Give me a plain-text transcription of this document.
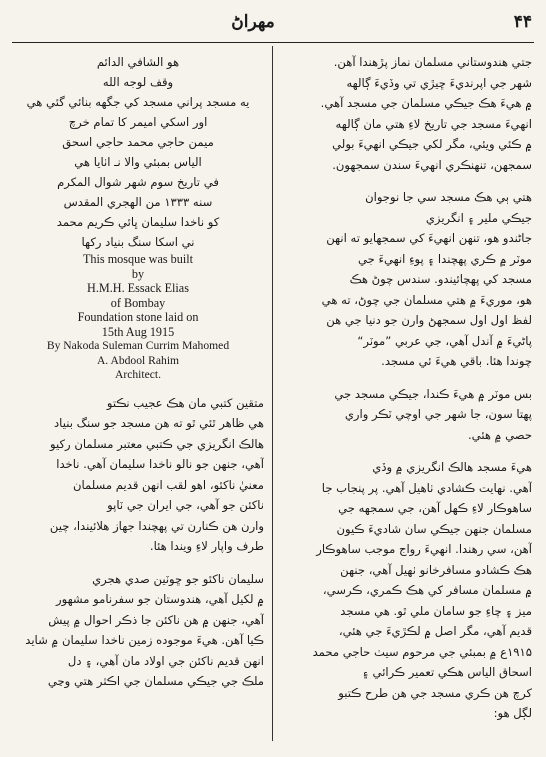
مهراڻ	۴۴

جتي هندوستاني مسلمان نماز پڙهندا آهن.

شهر جي اپرنديءَ ڇيڙي تي وڏيءَ ڳالهه

۾ هيءَ هڪ جيڪي مسلمان جي مسجد آهي.

انهيءَ مسجد جي تاريخ لاءِ هتي مان ڳالهه

۾ ڪئي ويئي، مگر لکي جيڪي انهيءَ بولي

سمجهن، تنهنڪري انهيءَ سندن سمجهون.

هتي ٻي هڪ مسجد سي جا نوجوان

جيڪي ملير ۽ انگريزي

جاڻندو هو، تنهن انهيءَ کي سمجهايو ته انهن

موٽر ۾ ڪري پهچندا ۽ پوءِ انهيءَ جي

مسجد کي پهچائيندو. سندس چوڻ هڪ

هو، موريءَ ۾ هتي مسلمان جي چوڻ، ته هي

لفظ اول اول سمجهڻ وارن جو دنيا جي هن

پاڻيءَ ۾ آندل آهي، جي عربي ”موٽر“

چوندا هئا. باقي هيءَ ئي مسجد.

بس موٽر ۾ هيءَ ڪندا، جيڪي مسجد جي

پهتا سون، جا شهر جي اوچي ٽڪر واري

حصي ۾ هئي.

هيءَ مسجد هالڪ انگريزي ۾ وڏي

آهي. نهايت ڪشادي ٺاهيل آهي. پر پنجاب جا

ساهوڪار لاءِ ڪهل آهن، جي سمجهه جي

مسلمان جنهن جيڪي سان شاديءَ ڪيون

آهن، سي رهندا. انهيءَ رواج موجب ساهوڪار

هڪ ڪشادو مسافرخانو ٺهيل آهي، جنهن

۾ مسلمان مسافر کي هڪ ڪمري، ڪرسي،

ميز ۽ چاءِ جو سامان ملي ٿو. هي مسجد

قديم آهي، مگر اصل ۾ لڪڙيءَ جي هئي،

۱۹۱۵ع ۾ بمبئي جي مرحوم سيٺ حاجي محمد

اسحاق الياس هڪي تعمير ڪرائي ۽

کرچ هن ڪري مسجد جي هن طرح ڪتبو

لڳل هو:

هو الشافي الدائم

وقف لوجه الله

يه مسجد پراني مسجد کي جگهه بنائي گئي هي

اور اسکي اميمر کا تمام خرچ

ميمن حاجي محمد حاجي اسحق

الياس بمبئي والا نـ اٺايا هي

في تاريخ سوم شهر شوال المکرم

سنه ۱۳۳۳ من الهجري المقدس

کو ناخدا سليمان ڀائي ڪريم محمد

ني اسکا سنگ بنياد رکها

This mosque was built

by

H.M.H. Essack Elias

of Bombay

Foundation stone laid on

15th Aug 1915

By Nakoda Suleman Currim Mahomed

A. Abdool Rahim

Architect.

متقين کتبي مان هڪ عجيب نڪتو

هي ظاهر ٿئي ٿو ته هن مسجد جو سنگ بنياد

هالڪ انگريزي جي ڪتبي معتبر مسلمان رکيو

آهي، جنهن جو نالو ناخدا سليمان آهي. ناخدا

معنيٰ ناکئو، اهو لقب انهن قديم مسلمان

ناکئن جو آهي، جي ايران جي ٽاپو

وارن هن ڪنارن تي پهچندا جهاز هلائيندا، چين

طرف واپار لاءِ ويندا هئا.

سليمان ناکئو جو ڇوٽين صدي هجري

۾ لکيل آهي، هندوستان جو سفرنامو مشهور

آهي، جنهن ۾ هن ناکئن جا ذڪر احوال ۾ پيش

ڪيا آهن. هيءَ موجوده زمين ناخدا سليمان ۾ شايد

انهن قديم ناکئن جي اولاد مان آهي، ۽ دل

ملڪ جي جيڪي مسلمان جي اڪثر هتي وڃي
